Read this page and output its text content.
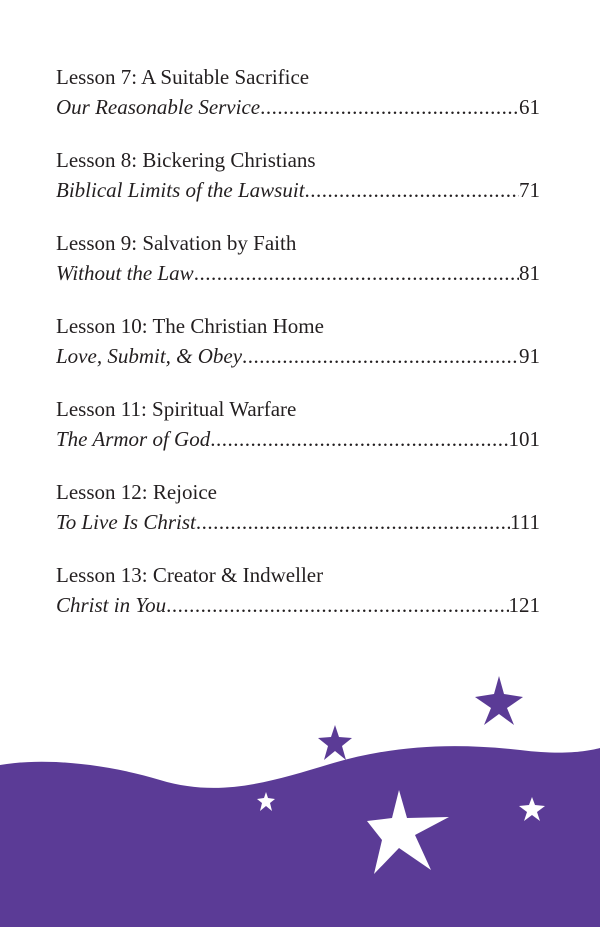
Lesson 7: A Suitable Sacrifice
Our Reasonable Service .....	61
Lesson 8: Bickering Christians
Biblical Limits of the Lawsuit .....	71
Lesson 9: Salvation by Faith
Without the Law .....	81
Lesson 10: The Christian Home
Love, Submit, & Obey .....	91
Lesson 11: Spiritual Warfare
The Armor of God .....	101
Lesson 12: Rejoice
To Live Is Christ .....	111
Lesson 13: Creator & Indweller
Christ in You .....	121
